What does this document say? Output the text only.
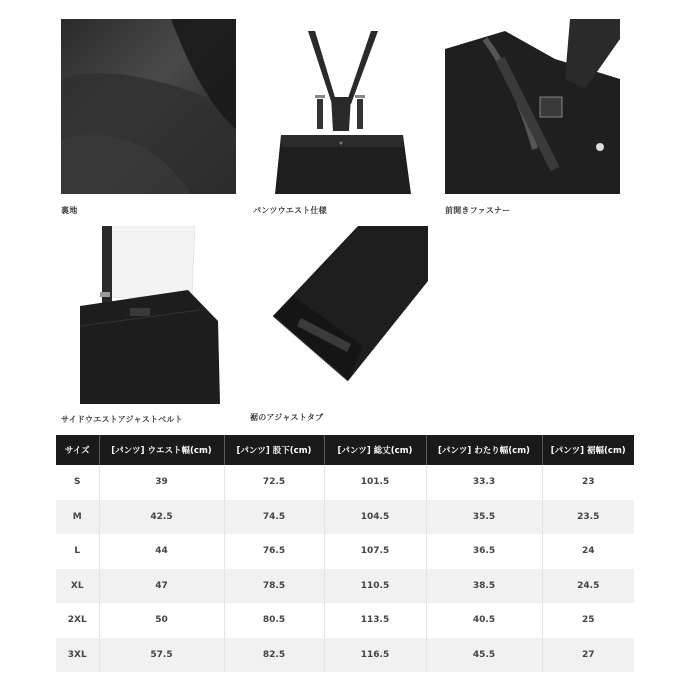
裏地	パンツウエスト仕様	前開きファスナー
サイドウエストアジャストベルト	裾のアジャストタブ
サイズ	[パンツ] ウエスト幅(cm)	[パンツ] 股下(cm)	[パンツ] 総丈(cm)	[パンツ] わたり幅(cm)	[パンツ] 裾幅(cm)
S	39	72.5	101.5	33.3	23
M	42.5	74.5	104.5	35.5	23.5
L	44	76.5	107.5	36.5	24
XL	47	78.5	110.5	38.5	24.5
2XL	50	80.5	113.5	40.5	25
3XL	57.5	82.5	116.5	45.5	27
